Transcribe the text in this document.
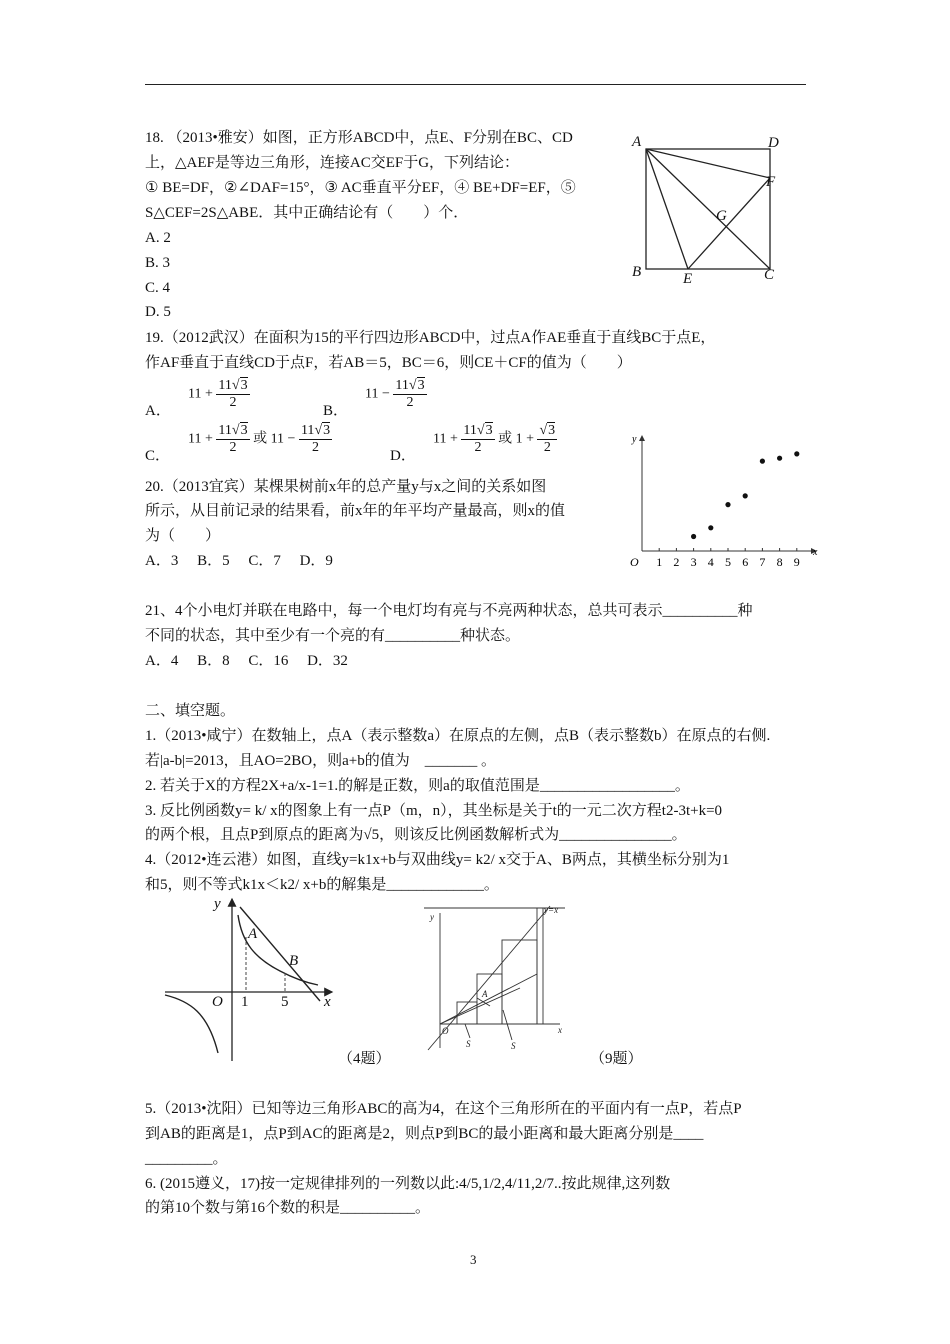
18. （2013•雅安）如图，正方形ABCD中，点E、F分别在BC、CD
上，△AEF是等边三角形，连接AC交EF于G，下列结论：
① BE=DF，②∠DAF=15°，③ AC垂直平分EF，④ BE+DF=EF，⑤
S△CEF=2S△ABE．其中正确结论有（　　）个．
A. 2
B. 3
C. 4
D. 5
A	D
F
G
B	E	C
19.（2012武汉）在面积为15的平行四边形ABCD中，过点A作AE垂直于直线BC于点E，
作AF垂直于直线CD于点F，若AB＝5，BC＝6，则CE＋CF的值为（　　）
A．
$11 + \frac{11√3}{2}$	B．
$11 - \frac{11√3}{2}$
C．
$11 + \frac{11√3}{2}$ 或 $11 - \frac{11√3}{2}$	D．
$11 + \frac{11√3}{2}$ 或 $1 + \frac{√3}{2}$
20.（2013宜宾）某棵果树前x年的总产量y与x之间的关系如图
所示，从目前记录的结果看，前x年的年平均产量最高，则x的值
为（　　）
A．3　 B．5　 C．7　 D．9
y
x
O 1 2 3 4 5 6 7 8 9
21、4个小电灯并联在电路中，每一个电灯均有亮与不亮两种状态，总共可表示__________种
不同的状态，其中至少有一个亮的有__________种状态。
A．4　 B．8　 C．16　 D．32
二、填空题。
1.（2013•咸宁）在数轴上，点A（表示整数a）在原点的左侧，点B（表示整数b）在原点的右侧.
若|a-b|=2013，且AO=2BO，则a+b的值为　_______ 。
2. 若关于X的方程2X+a/x-1=1.的解是正数，则a的取值范围是__________________。
3. 反比例函数y= k/ x的图象上有一点P（m，n），其坐标是关于t的一元二次方程t2-3t+k=0
的两个根，且点P到原点的距离为√5，则该反比例函数解析式为_______________。
4.（2012•连云港）如图，直线y=k1x+b与双曲线y= k2/ x交于A、B两点，其横坐标分别为1
和5，则不等式k1x＜k2/ x+b的解集是_____________。
y
A
B
O 1 5 x
y
y=x
A
O	x
S	S
（4题）	（9题）
5.（2013•沈阳）已知等边三角形ABC的高为4，在这个三角形所在的平面内有一点P，若点P
到AB的距离是1，点P到AC的距离是2，则点P到BC的最小距离和最大距离分别是____
_________。
6. (2015遵义，17)按一定规律排列的一列数以此:4/5,1/2,4/11,2/7..按此规律,这列数
的第10个数与第16个数的积是__________。
3
